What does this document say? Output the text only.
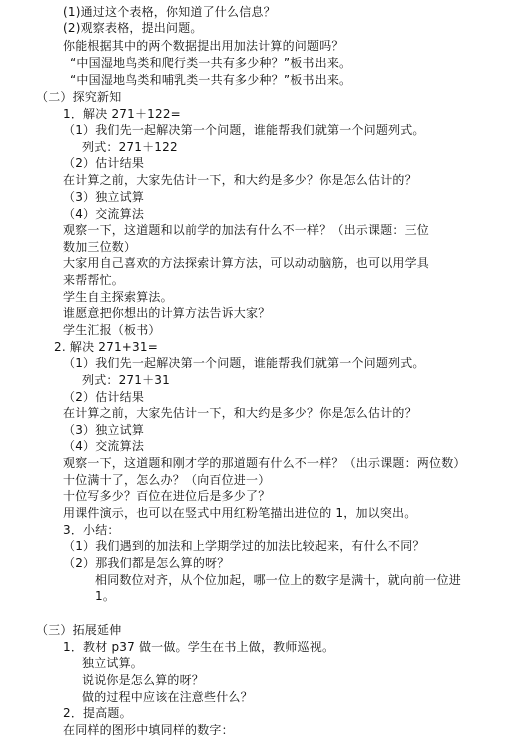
(1)通过这个表格，你知道了什么信息？
(2)观察表格，提出问题。
你能根据其中的两个数据提出用加法计算的问题吗？
“中国湿地鸟类和爬行类一共有多少种？”板书出来。
“中国湿地鸟类和哺乳类一共有多少种？”板书出来。
（二）探究新知
1．解决 271＋122=
（1）我们先一起解决第一个问题，谁能帮我们就第一个问题列式。
列式：271＋122
（2）估计结果
在计算之前，大家先估计一下，和大约是多少？你是怎么估计的？
（3）独立试算
（4）交流算法
观察一下，这道题和以前学的加法有什么不一样？（出示课题：三位
数加三位数）
大家用自己喜欢的方法探索计算方法，可以动动脑筋，也可以用学具
来帮帮忙。
学生自主探索算法。
谁愿意把你想出的计算方法告诉大家？
学生汇报（板书）
2. 解决 271+31=
（1）我们先一起解决第一个问题，谁能帮我们就第一个问题列式。
列式：271＋31
（2）估计结果
在计算之前，大家先估计一下，和大约是多少？你是怎么估计的？
（3）独立试算
（4）交流算法
观察一下，这道题和刚才学的那道题有什么不一样？（出示课题：两位数）
十位满十了，怎么办？（向百位进一）
十位写多少？百位在进位后是多少了？
用课件演示，也可以在竖式中用红粉笔描出进位的 1，加以突出。
3．小结：
（1）我们遇到的加法和上学期学过的加法比较起来，有什么不同？
（2）那我们都是怎么算的呀？
相同数位对齐，从个位加起，哪一位上的数字是满十，就向前一位进
1。
（三）拓展延伸
1．教材 p37 做一做。学生在书上做，教师巡视。
独立试算。
说说你是怎么算的呀？
做的过程中应该在注意些什么？
2．提高题。
在同样的图形中填同样的数字：
